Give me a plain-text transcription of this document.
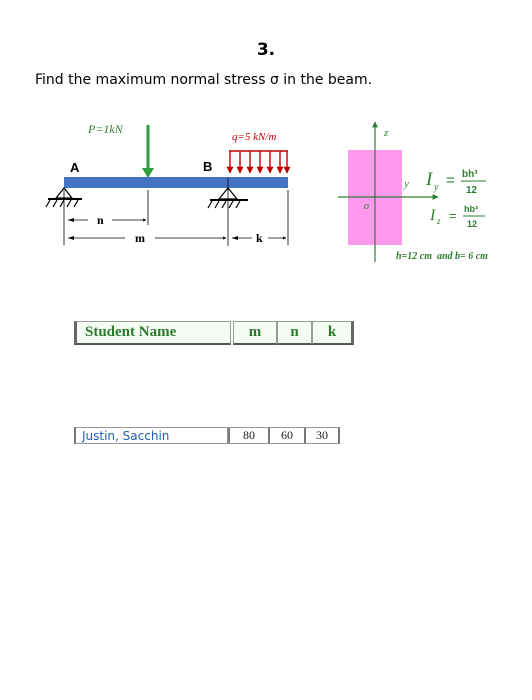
3.
Find the maximum normal stress σ in the beam.
P=1kN
q=5 kN/m
A	B
n
m	k
z
y
o
I y = bh³
12
I z = hb³
12
h=12 cm  and b= 6 cm
Student Name	m	n	k
Justin, Sacchin	80	60	30
